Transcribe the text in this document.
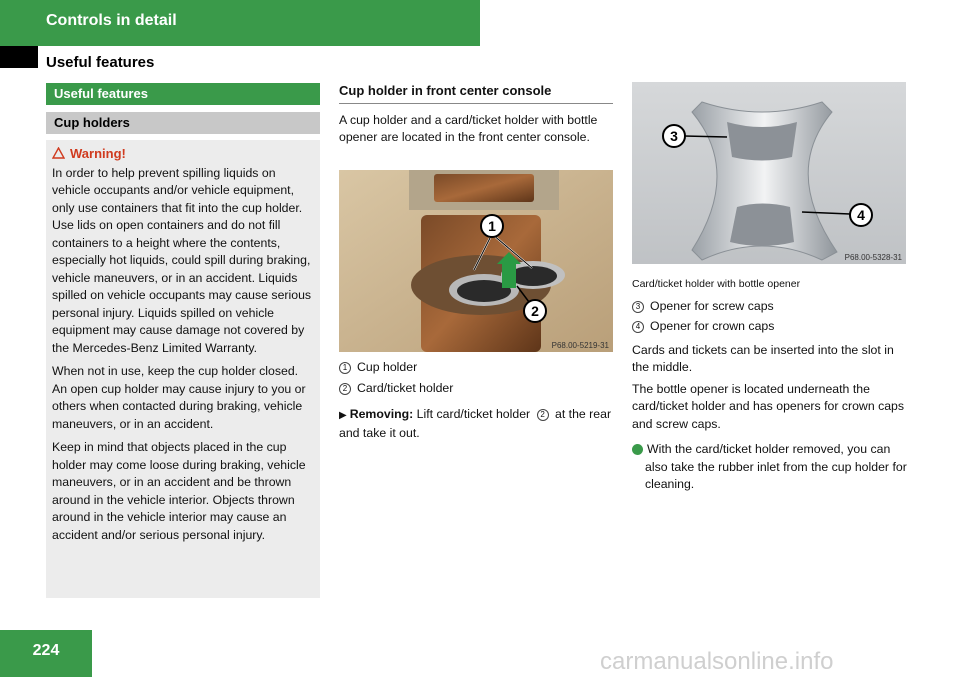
Controls in detail
Useful features
Useful features
Cup holders
Warning!

In order to help prevent spilling liquids on vehicle occupants and/or vehicle equipment, only use containers that fit into the cup holder. Use lids on open containers and do not fill containers to a height where the contents, especially hot liquids, could spill during braking, vehicle maneuvers, or in an accident. Liquids spilled on vehicle occupants may cause serious personal injury. Liquids spilled on vehicle equipment may cause damage not covered by the Mercedes-Benz Limited Warranty.

When not in use, keep the cup holder closed. An open cup holder may cause injury to you or others when contacted during braking, vehicle maneuvers, or in an accident.

Keep in mind that objects placed in the cup holder may come loose during braking, vehicle maneuvers, or in an accident and be thrown around in the vehicle interior. Objects thrown around in the vehicle interior may cause an accident and/or serious personal injury.

Cup holder in front center console

A cup holder and a card/ticket holder with bottle opener are located in the front center console.

1
2
P68.00-5219-31
1 Cup holder
2 Card/ticket holder
▶ Removing: Lift card/ticket holder 2 at the rear and take it out.
3
4
P68.00-5328-31
Card/ticket holder with bottle opener
3 Opener for screw caps
4 Opener for crown caps

Cards and tickets can be inserted into the slot in the middle.

The bottle opener is located underneath the card/ticket holder and has openers for crown caps and screw caps.

i With the card/ticket holder removed, you can also take the rubber inlet from the cup holder for cleaning.

224	carmanualsonline.info
